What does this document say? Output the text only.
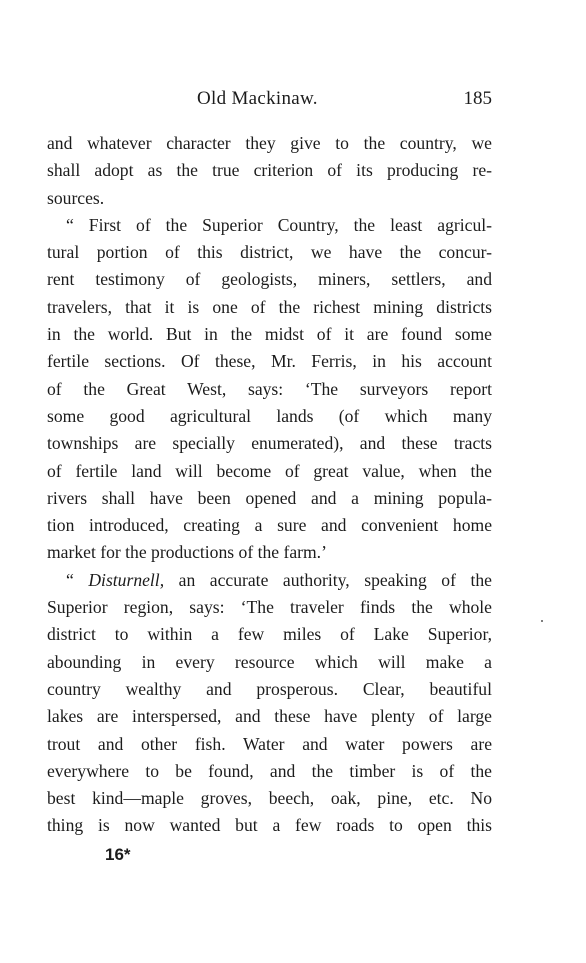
Old Mackinaw.	185
and whatever character they give to the country, we
shall adopt as the true criterion of its producing re-
sources.
“ First of the Superior Country, the least agricul-
tural portion of this district, we have the concur-
rent testimony of geologists, miners, settlers, and
travelers, that it is one of the richest mining districts
in the world. But in the midst of it are found some
fertile sections. Of these, Mr. Ferris, in his account
of the Great West, says: ‘The surveyors report
some good agricultural lands (of which many
townships are specially enumerated), and these tracts
of fertile land will become of great value, when the
rivers shall have been opened and a mining popula-
tion introduced, creating a sure and convenient home
market for the productions of the farm.’
“ Disturnell, an accurate authority, speaking of the
Superior region, says: ‘The traveler finds the whole
district to within a few miles of Lake Superior,
abounding in every resource which will make a
country wealthy and prosperous. Clear, beautiful
lakes are interspersed, and these have plenty of large
trout and other fish. Water and water powers are
everywhere to be found, and the timber is of the
best kind—maple groves, beech, oak, pine, etc. No
thing is now wanted but a few roads to open this
16*
